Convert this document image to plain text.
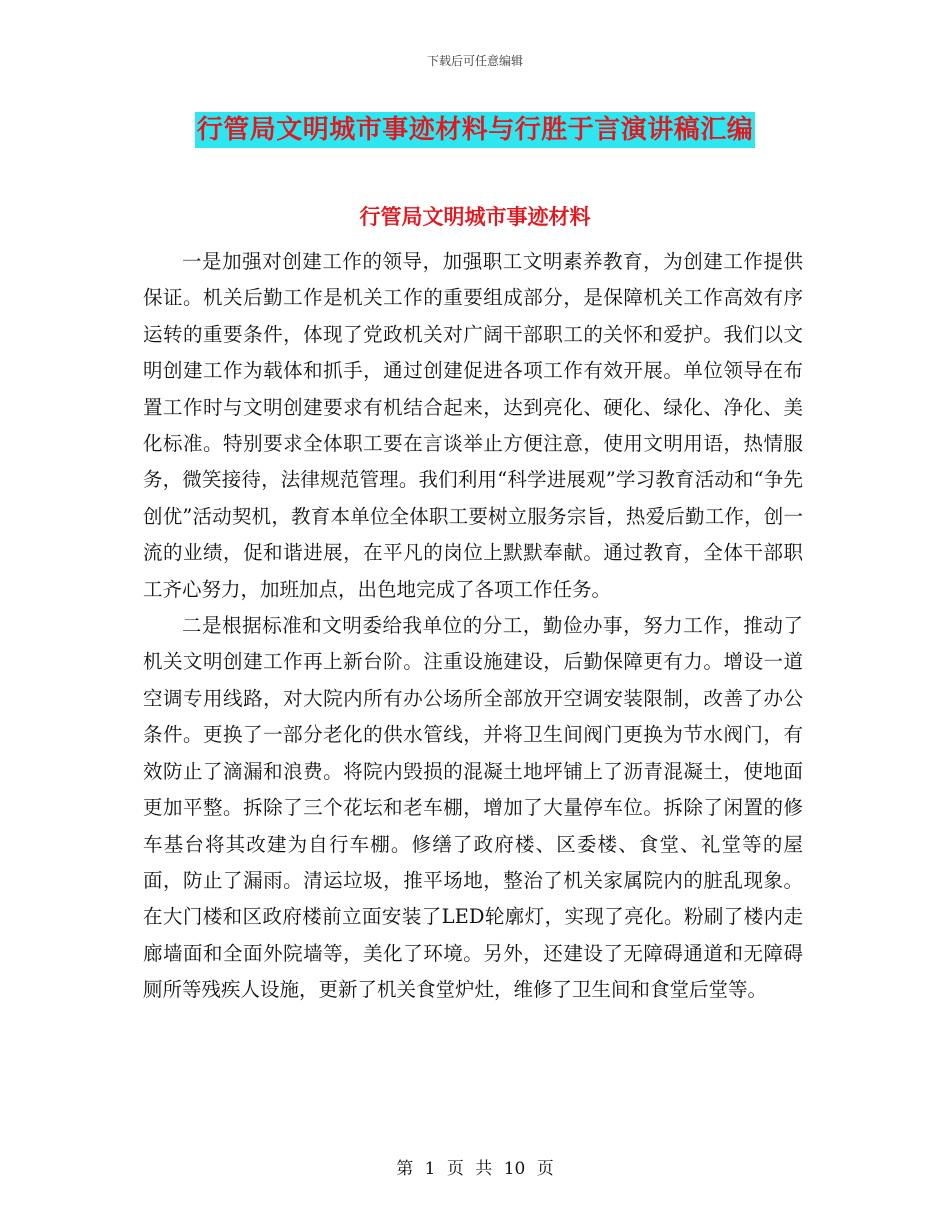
下载后可任意编辑
行管局文明城市事迹材料与行胜于言演讲稿汇编
行管局文明城市事迹材料

一是加强对创建工作的领导，加强职工文明素养教育，为创建工作提供保证。机关后勤工作是机关工作的重要组成部分，是保障机关工作高效有序运转的重要条件，体现了党政机关对广阔干部职工的关怀和爱护。我们以文明创建工作为载体和抓手，通过创建促进各项工作有效开展。单位领导在布置工作时与文明创建要求有机结合起来，达到亮化、硬化、绿化、净化、美化标准。特别要求全体职工要在言谈举止方便注意，使用文明用语，热情服务，微笑接待，法律规范管理。我们利用“科学进展观”学习教育活动和“争先创优”活动契机，教育本单位全体职工要树立服务宗旨，热爱后勤工作，创一流的业绩，促和谐进展，在平凡的岗位上默默奉献。通过教育，全体干部职工齐心努力，加班加点，出色地完成了各项工作任务。

二是根据标准和文明委给我单位的分工，勤俭办事，努力工作，推动了机关文明创建工作再上新台阶。注重设施建设，后勤保障更有力。增设一道空调专用线路，对大院内所有办公场所全部放开空调安装限制，改善了办公条件。更换了一部分老化的供水管线，并将卫生间阀门更换为节水阀门，有效防止了滴漏和浪费。将院内毁损的混凝土地坪铺上了沥青混凝土，使地面更加平整。拆除了三个花坛和老车棚，增加了大量停车位。拆除了闲置的修车基台将其改建为自行车棚。修缮了政府楼、区委楼、食堂、礼堂等的屋面，防止了漏雨。清运垃圾，推平场地，整治了机关家属院内的脏乱现象。在大门楼和区政府楼前立面安装了LED轮廓灯，实现了亮化。粉刷了楼内走廊墙面和全面外院墙等，美化了环境。另外，还建设了无障碍通道和无障碍厕所等残疾人设施，更新了机关食堂炉灶，维修了卫生间和食堂后堂等。

第 1 页 共 10 页
